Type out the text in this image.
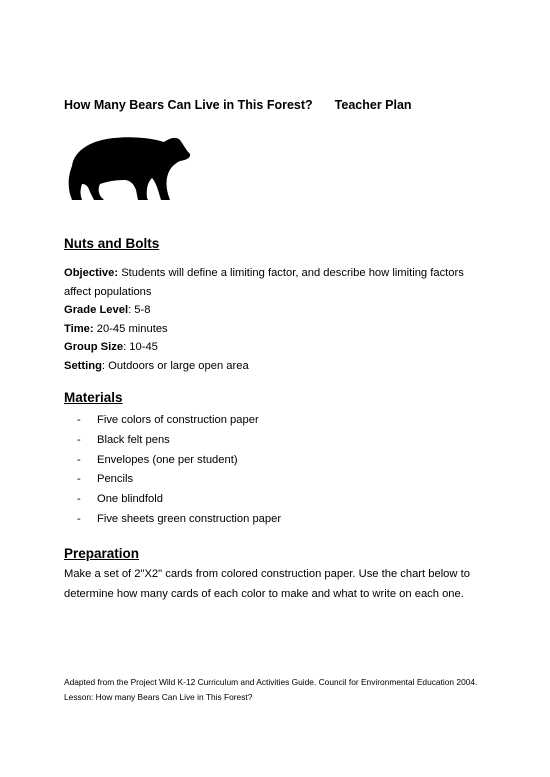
How Many Bears Can Live in This Forest? Teacher Plan
Nuts and Bolts
Objective: Students will define a limiting factor, and describe how limiting factors
affect populations
Grade Level: 5-8
Time: 20-45 minutes
Group Size: 10-45
Setting: Outdoors or large open area
Materials
- Five colors of construction paper
- Black felt pens
- Envelopes (one per student)
- Pencils
- One blindfold
- Five sheets green construction paper
Preparation
Make a set of 2"X2" cards from colored construction paper. Use the chart below to determine how many cards of each color to make and what to write on each one.
Adapted from the Project Wild K-12 Curriculum and Activities Guide. Council for Environmental Education 2004. Lesson: How many Bears Can Live in This Forest?
